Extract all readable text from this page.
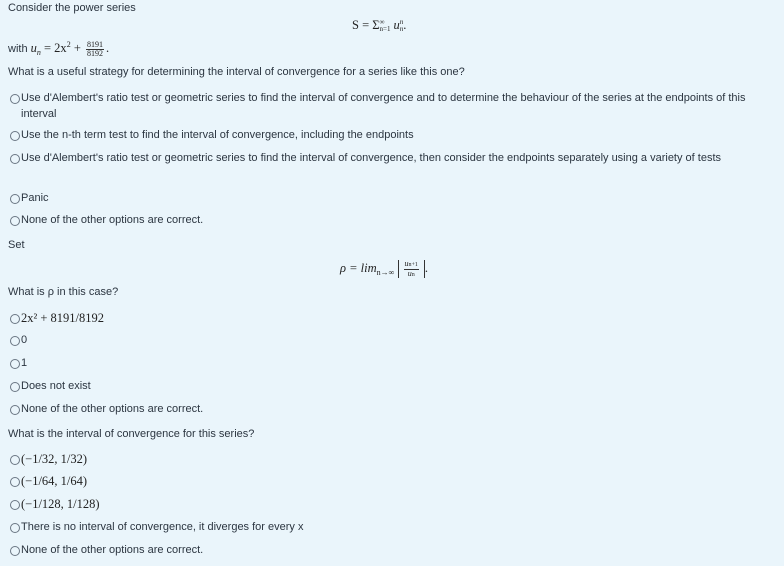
Consider the power series
S = Σ ∞
n=1 u n
n .
with $u_n = 2x^2 + \frac{8191}{8192}$ .
What is a useful strategy for determining the interval of convergence for a series like this one?
Use d'Alembert's ratio test or geometric series to find the interval of convergence and to determine the behaviour of the series at the endpoints of this interval
Use the n-th term test to find the interval of convergence, including the endpoints
Use d'Alembert's ratio test or geometric series to find the interval of convergence, then consider the endpoints separately using a variety of tests
Panic
None of the other options are correct.
Set
$\rho = \lim_{n\to\infty} \frac{un+1}{un}$ .
What is ρ in this case?
2x² + 8191/8192
0
1
Does not exist
None of the other options are correct.
What is the interval of convergence for this series?
(−1/32, 1/32)
(−1/64, 1/64)
(−1/128, 1/128)
There is no interval of convergence, it diverges for every x
None of the other options are correct.
